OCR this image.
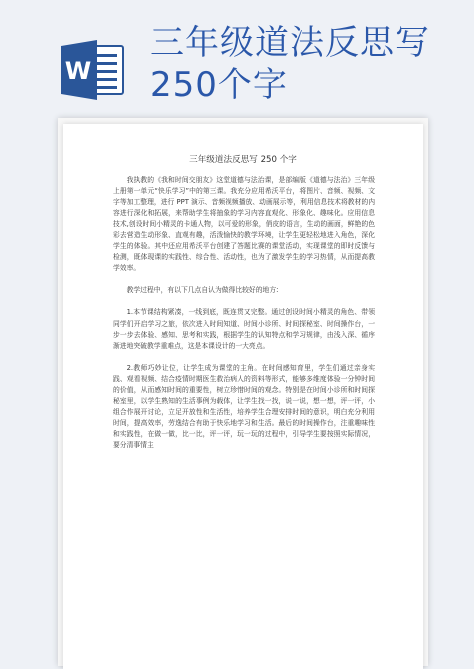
W
三年级道法反思写
250个字
三年级道法反思写 250 个字

我执教的《我和时间交朋友》这堂道德与法治课，是部编版《道德与法治》三年级上册第一单元“快乐学习”中的第三课。我充分应用希沃平台，将图片、音频、视频、文字等加工整理，进行 PPT 演示、音频视频播放、动画展示等，利用信息技术将教材的内容进行深化和拓展，来帮助学生将抽象的学习内容直观化、形象化、趣味化。应用信息技术,创设时间小精灵的卡通人物，以可爱的形象，俏皮的语言，生动的画面，鲜艳的色彩去营造生动形象、直观有趣，活泼愉快的教学环境，让学生更轻松地进入角色，深化学生的体验。其中还应用希沃平台创建了答题比赛的课堂活动，实现课堂的即时反馈与检测，既体现课的实践性、综合性、活动性，也为了激发学生的学习热情，从而提高教学效率。

教学过程中，有以下几点自认为做得比较好的地方:

1.本节课结构紧凑，一线到底，既连贯又完整。通过创设时间小精灵的角色、带领同学们开启学习之旅，依次进入时间知道、时间小诊所、时间探秘室、时间操作台，一步一步去体验、感知、思考和实践，根据学生的认知特点和学习规律，由浅入深、循序渐进地突破教学重难点，这是本课设计的一大亮点。

2.教师巧妙让位，让学生成为课堂的主角。在时间感知育里，学生们通过亲身实践、观看视频、结合疫情时期医生救治病人的资料等形式，能够多维度体验一分钟时间的价值，从而感知时间的重要性，树立珍惜时间的观念。特别是在时间小诊所和时间探秘室里，以学生熟知的生活事例为载体，让学生找一找，说一说，想一想，评一评，小组合作展开讨论，立足开放性和生活性，培养学生合理安排时间的意识，明白充分利用时间，提高效率，劳逸结合有助于快乐地学习和生活。最后的时间操作台，注重趣味性和实践性，在做一做，比一比，评一评，玩一玩的过程中，引导学生要按照实际情况，要分清事情主
